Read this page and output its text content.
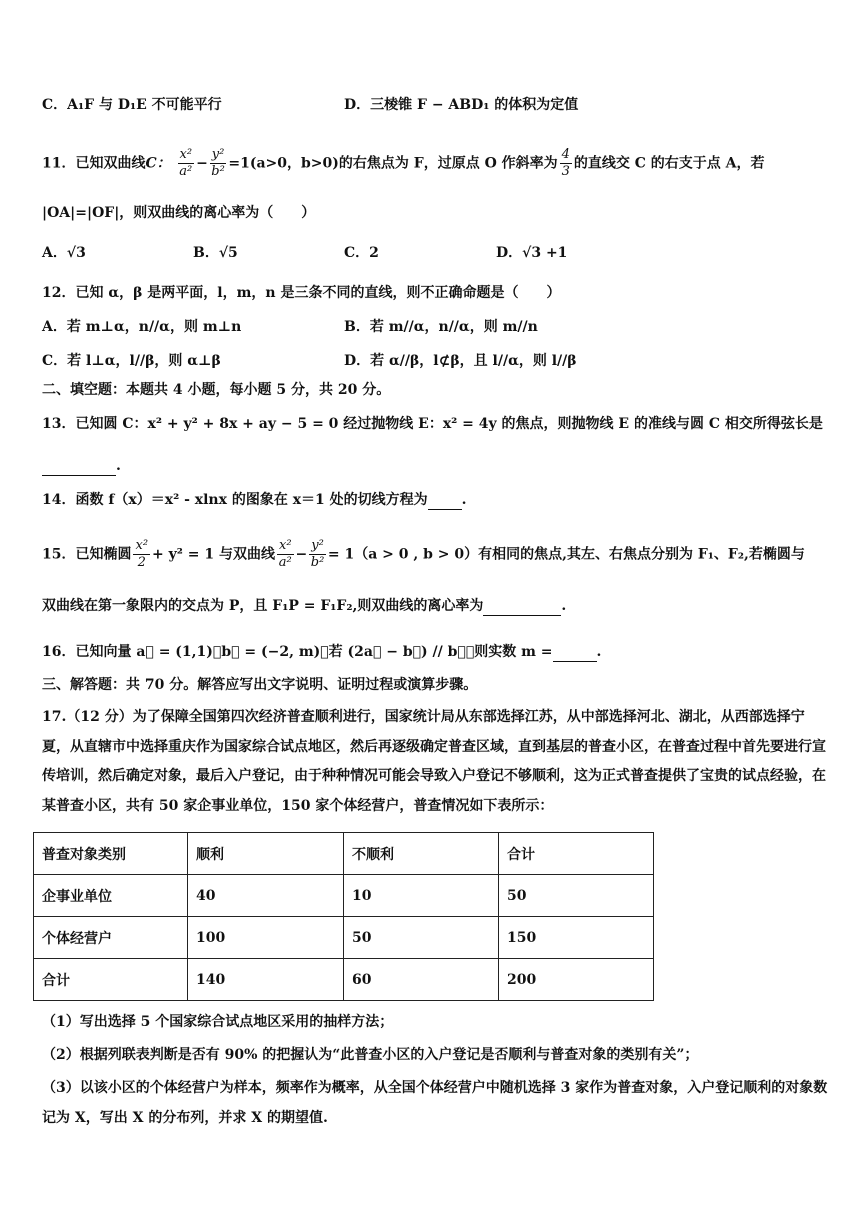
C．A₁F 与 D₁E 不可能平行	D．三棱锥 F − ABD₁ 的体积为定值
11．已知双曲线C： $\frac{\text{x²}}{\text{a²}} - \frac{\text{y²}}{\text{b²}} =1(a>0$，b>0)的右焦点为 F，过原点 O 作斜率为 $\frac{4}{3}$ 的直线交 C 的右支于点 A，若
|OA|=|OF|，则双曲线的离心率为（　　）
A．√3	B．√5	C．2	D．√3 +1
12．已知 α，β 是两平面，l，m，n 是三条不同的直线，则不正确命题是（　　）
A．若 m⊥α，n//α，则 m⊥n	B．若 m//α，n//α，则 m//n
C．若 l⊥α，l//β，则 α⊥β	D．若 α//β，l⊄β，且 l//α，则 l//β
二、填空题：本题共 4 小题，每小题 5 分，共 20 分。
13．已知圆 C：x² + y² + 8x + ay − 5 = 0 经过抛物线 E：x² = 4y 的焦点，则抛物线 E 的准线与圆 C 相交所得弦长是
.
14．函数 f（x）＝x² ‑ xlnx 的图象在 x＝1 处的切线方程为 .
15．已知椭圆 $\frac{\text{x²}}{2} + y^2 = 1$ 与双曲线 $\frac{\text{x²}}{\text{a²}} - \frac{\text{y²}}{\text{b²}} = 1(a > 0$ , b > 0）有相同的焦点,其左、右焦点分别为 F₁、F₂,若椭圆与
双曲线在第一象限内的交点为 P，且 F₁P = F₁F₂,则双曲线的离心率为	.
16．已知向量 a⃗ = (1,1)，b⃗ = (−2, m)，若 (2a⃗ − b⃗) // b⃗，则实数 m =	.
三、解答题：共 70 分。解答应写出文字说明、证明过程或演算步骤。
17.（12 分）为了保障全国第四次经济普查顺利进行，国家统计局从东部选择江苏，从中部选择河北、湖北，从西部选择宁夏，从直辖市中选择重庆作为国家综合试点地区，然后再逐级确定普查区域，直到基层的普查小区，在普查过程中首先要进行宣传培训，然后确定对象，最后入户登记，由于种种情况可能会导致入户登记不够顺利，这为正式普查提供了宝贵的试点经验，在某普查小区，共有 50 家企事业单位，150 家个体经营户，普查情况如下表所示：
普查对象类别	顺利	不顺利	合计
企事业单位	40	10	50
个体经营户	100	50	150
合计	140	60	200
（1）写出选择 5 个国家综合试点地区采用的抽样方法；
（2）根据列联表判断是否有 90% 的把握认为“此普查小区的入户登记是否顺利与普查对象的类别有关”；
（3）以该小区的个体经营户为样本，频率作为概率，从全国个体经营户中随机选择 3 家作为普查对象，入户登记顺利的对象数记为 X，写出 X 的分布列，并求 X 的期望值.
